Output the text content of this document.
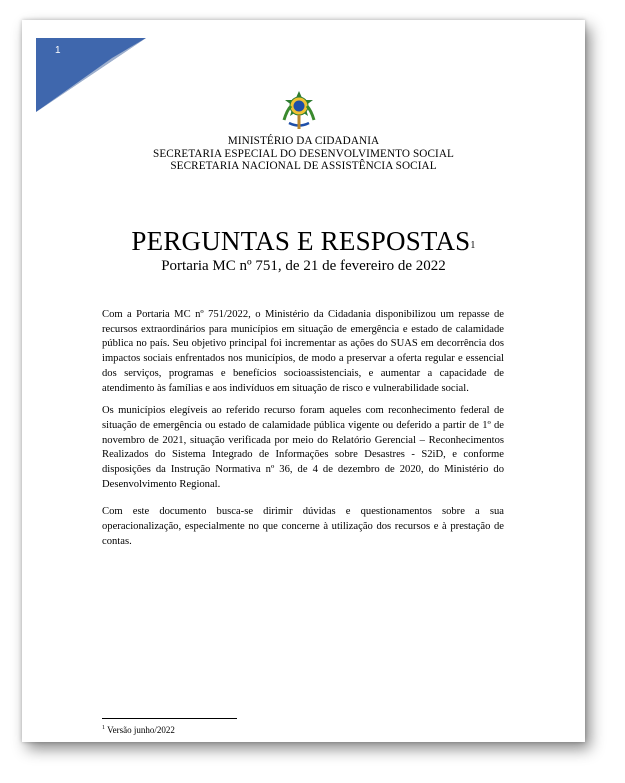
1
MINISTÉRIO DA CIDADANIA
SECRETARIA ESPECIAL DO DESENVOLVIMENTO SOCIAL
SECRETARIA NACIONAL DE ASSISTÊNCIA SOCIAL
PERGUNTAS E RESPOSTAS$^1$
Portaria MC nº 751, de 21 de fevereiro de 2022

Com a Portaria MC nº 751/2022, o Ministério da Cidadania disponibilizou um repasse de recursos extraordinários para municípios em situação de emergência e estado de calamidade pública no país. Seu objetivo principal foi incrementar as ações do SUAS em decorrência dos impactos sociais enfrentados nos municípios, de modo a preservar a oferta regular e essencial dos serviços, programas e benefícios socioassistenciais, e aumentar a capacidade de atendimento às famílias e aos indivíduos em situação de risco e vulnerabilidade social.

Os municípios elegíveis ao referido recurso foram aqueles com reconhecimento federal de situação de emergência ou estado de calamidade pública vigente ou deferido a partir de 1º de novembro de 2021, situação verificada por meio do Relatório Gerencial – Reconhecimentos Realizados do Sistema Integrado de Informações sobre Desastres - S2iD, e conforme disposições da Instrução Normativa nº 36, de 4 de dezembro de 2020, do Ministério do Desenvolvimento Regional.

Com este documento busca-se dirimir dúvidas e questionamentos sobre a sua operacionalização, especialmente no que concerne à utilização dos recursos e à prestação de contas.

$^1$ Versão junho/2022
